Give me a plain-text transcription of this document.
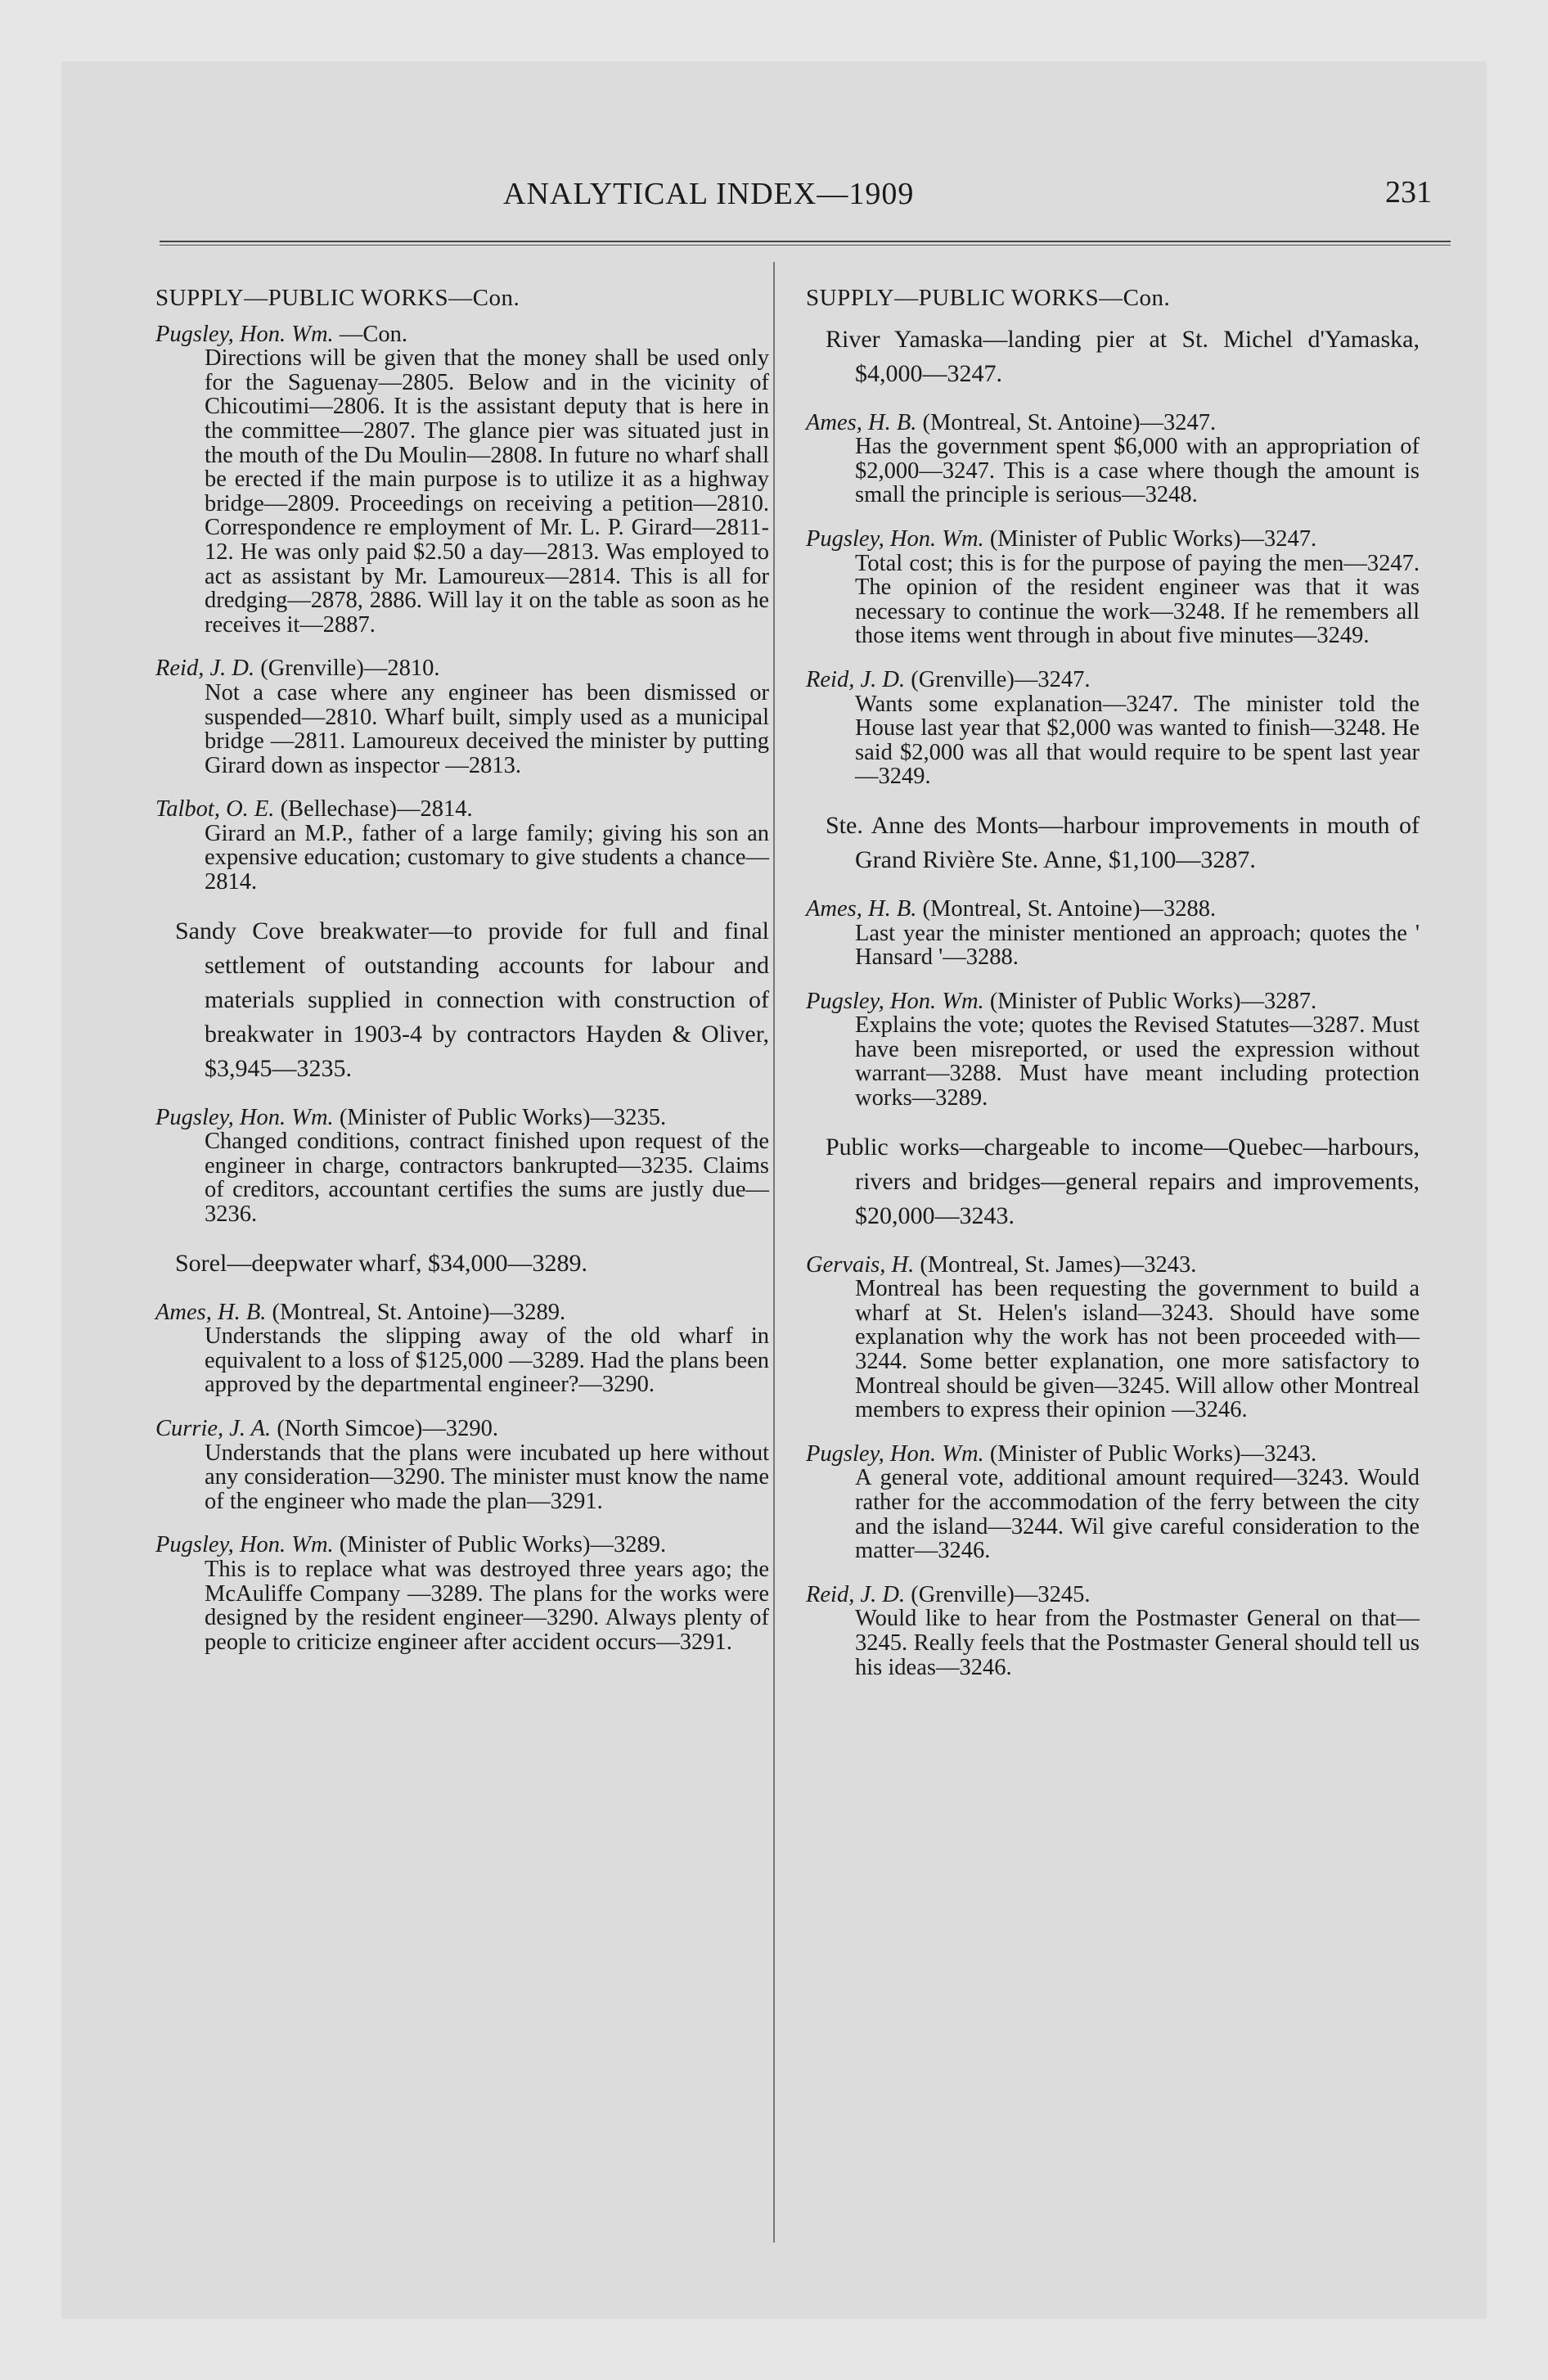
ANALYTICAL INDEX—1909	231

SUPPLY—PUBLIC WORKS—Con.

Pugsley, Hon. Wm. —Con.

Directions will be given that the money shall be used only for the Saguenay—2805. Below and in the vicinity of Chicoutimi—2806. It is the assistant deputy that is here in the committee—2807. The glance pier was situated just in the mouth of the Du Moulin—2808. In future no wharf shall be erected if the main purpose is to utilize it as a highway bridge—2809. Proceedings on receiving a petition—2810. Correspondence re employment of Mr. L. P. Girard—2811-12. He was only paid $2.50 a day—2813. Was employed to act as assistant by Mr. Lamoureux—2814. This is all for dredging—2878, 2886. Will lay it on the table as soon as he receives it—2887.

Reid, J. D. (Grenville)—2810.

Not a case where any engineer has been dismissed or suspended—2810. Wharf built, simply used as a municipal bridge —2811. Lamoureux deceived the minister by putting Girard down as inspector —2813.

Talbot, O. E. (Bellechase)—2814.

Girard an M.P., father of a large family; giving his son an expensive education; customary to give students a chance—2814.

Sandy Cove breakwater—to provide for full and final settlement of outstanding accounts for labour and materials supplied in connection with construction of breakwater in 1903-4 by contractors Hayden & Oliver, $3,945—3235.

Pugsley, Hon. Wm. (Minister of Public Works)—3235.

Changed conditions, contract finished upon request of the engineer in charge, contractors bankrupted—3235. Claims of creditors, accountant certifies the sums are justly due—3236.

Sorel—deepwater wharf, $34,000—3289.

Ames, H. B. (Montreal, St. Antoine)—3289.

Understands the slipping away of the old wharf in equivalent to a loss of $125,000 —3289. Had the plans been approved by the departmental engineer?—3290.

Currie, J. A. (North Simcoe)—3290.

Understands that the plans were incubated up here without any consideration—3290. The minister must know the name of the engineer who made the plan—3291.

Pugsley, Hon. Wm. (Minister of Public Works)—3289.

This is to replace what was destroyed three years ago; the McAuliffe Company —3289. The plans for the works were designed by the resident engineer—3290. Always plenty of people to criticize engineer after accident occurs—3291.

SUPPLY—PUBLIC WORKS—Con.

River Yamaska—landing pier at St. Michel d'Yamaska, $4,000—3247.

Ames, H. B. (Montreal, St. Antoine)—3247.

Has the government spent $6,000 with an appropriation of $2,000—3247. This is a case where though the amount is small the principle is serious—3248.

Pugsley, Hon. Wm. (Minister of Public Works)—3247.

Total cost; this is for the purpose of paying the men—3247. The opinion of the resident engineer was that it was necessary to continue the work—3248. If he remembers all those items went through in about five minutes—3249.

Reid, J. D. (Grenville)—3247.

Wants some explanation—3247. The minister told the House last year that $2,000 was wanted to finish—3248. He said $2,000 was all that would require to be spent last year—3249.

Ste. Anne des Monts—harbour improvements in mouth of Grand Rivière Ste. Anne, $1,100—3287.

Ames, H. B. (Montreal, St. Antoine)—3288.

Last year the minister mentioned an approach; quotes the ' Hansard '—3288.

Pugsley, Hon. Wm. (Minister of Public Works)—3287.

Explains the vote; quotes the Revised Statutes—3287. Must have been misreported, or used the expression without warrant—3288. Must have meant including protection works—3289.

Public works—chargeable to income—Quebec—harbours, rivers and bridges—general repairs and improvements, $20,000—3243.

Gervais, H. (Montreal, St. James)—3243.

Montreal has been requesting the government to build a wharf at St. Helen's island—3243. Should have some explanation why the work has not been proceeded with—3244. Some better explanation, one more satisfactory to Montreal should be given—3245. Will allow other Montreal members to express their opinion —3246.

Pugsley, Hon. Wm. (Minister of Public Works)—3243.

A general vote, additional amount required—3243. Would rather for the accommodation of the ferry between the city and the island—3244. Wil give careful consideration to the matter—3246.

Reid, J. D. (Grenville)—3245.

Would like to hear from the Postmaster General on that—3245. Really feels that the Postmaster General should tell us his ideas—3246.
